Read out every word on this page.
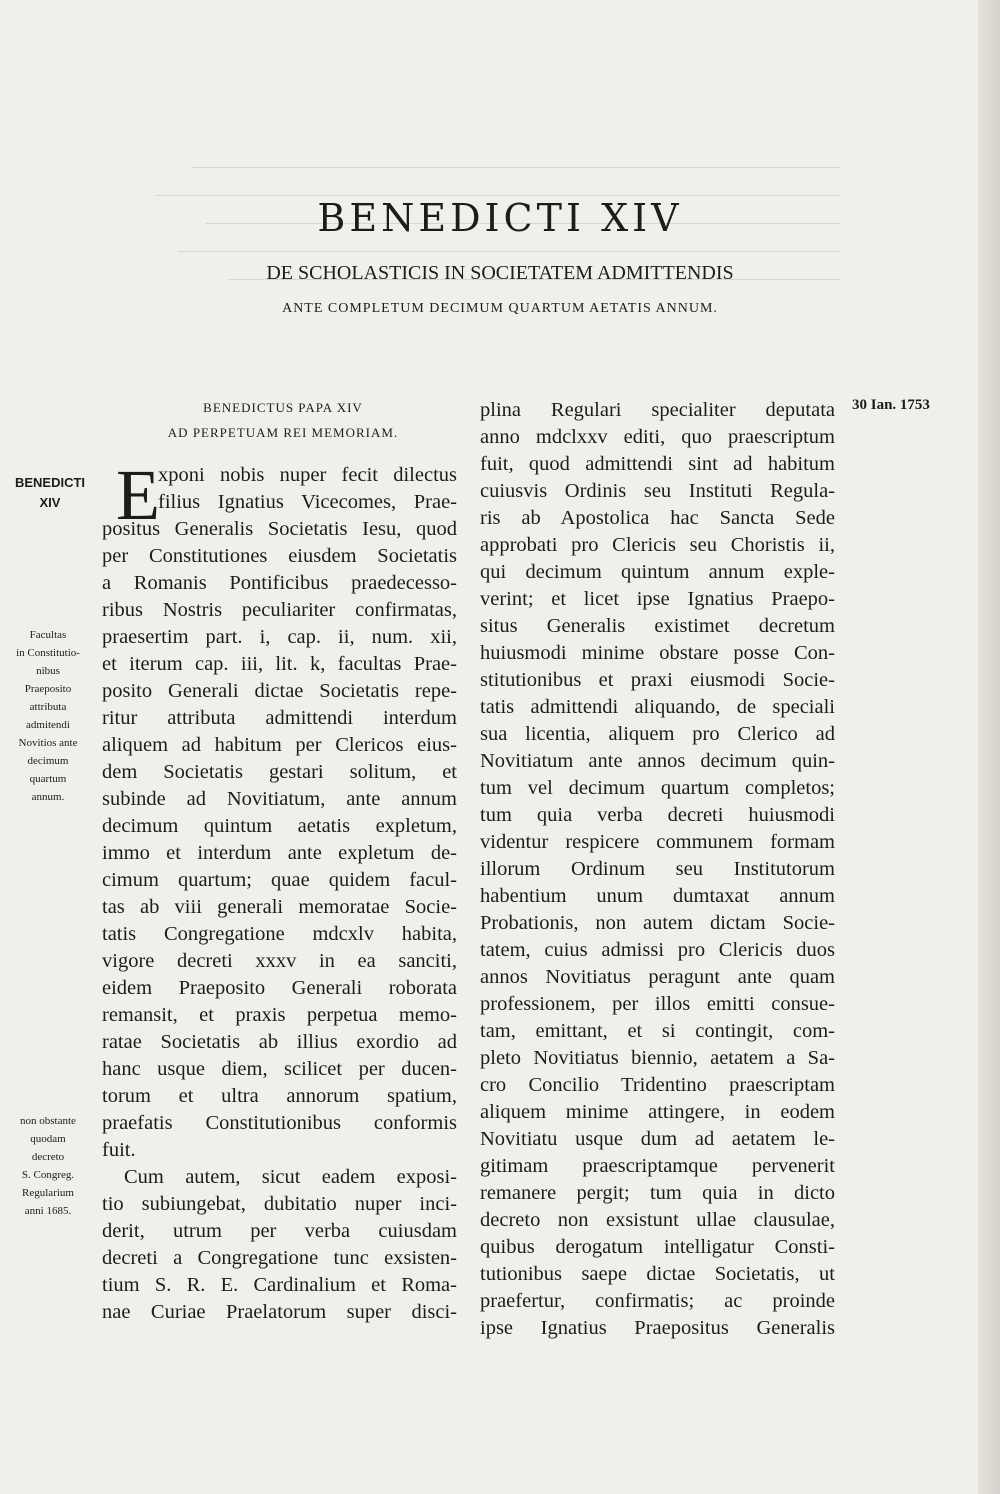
BENEDICTI XIV
DE SCHOLASTICIS IN SOCIETATEM ADMITTENDIS
ANTE COMPLETUM DECIMUM QUARTUM AETATIS ANNUM.
BENEDICTUS PAPA XIV
AD PERPETUAM REI MEMORIAM.
BENEDICTI
XIV
Facultas
in Constitutio-
nibus
Praeposito
attributa
admitendi
Novitios ante
decimum
quartum
annum.
non obstante
quodam
decreto
S. Congreg.
Regularium
anni 1685.
30 Ian. 1753
E
xponi nobis nuper fecit dilectus
filius Ignatius Vicecomes, Prae-
positus Generalis Societatis Iesu, quod
per Constitutiones eiusdem Societatis
a Romanis Pontificibus praedecesso-
ribus Nostris peculiariter confirmatas,
praesertim part. i, cap. ii, num. xii,
et iterum cap. iii, lit. k, facultas Prae-
posito Generali dictae Societatis repe-
ritur attributa admittendi interdum
aliquem ad habitum per Clericos eius-
dem Societatis gestari solitum, et
subinde ad Novitiatum, ante annum
decimum quintum aetatis expletum,
immo et interdum ante expletum de-
cimum quartum; quae quidem facul-
tas ab viii generali memoratae Socie-
tatis Congregatione mdcxlv habita,
vigore decreti xxxv in ea sanciti,
eidem Praeposito Generali roborata
remansit, et praxis perpetua memo-
ratae Societatis ab illius exordio ad
hanc usque diem, scilicet per ducen-
torum et ultra annorum spatium,
praefatis Constitutionibus conformis
fuit.
Cum autem, sicut eadem exposi-
tio subiungebat, dubitatio nuper inci-
derit, utrum per verba cuiusdam
decreti a Congregatione tunc exsisten-
tium S. R. E. Cardinalium et Roma-
nae Curiae Praelatorum super disci-
plina Regulari specialiter deputata
anno mdclxxv editi, quo praescriptum
fuit, quod admittendi sint ad habitum
cuiusvis Ordinis seu Instituti Regula-
ris ab Apostolica hac Sancta Sede
approbati pro Clericis seu Choristis ii,
qui decimum quintum annum exple-
verint; et licet ipse Ignatius Praepo-
situs Generalis existimet decretum
huiusmodi minime obstare posse Con-
stitutionibus et praxi eiusmodi Socie-
tatis admittendi aliquando, de speciali
sua licentia, aliquem pro Clerico ad
Novitiatum ante annos decimum quin-
tum vel decimum quartum completos;
tum quia verba decreti huiusmodi
videntur respicere communem formam
illorum Ordinum seu Institutorum
habentium unum dumtaxat annum
Probationis, non autem dictam Socie-
tatem, cuius admissi pro Clericis duos
annos Novitiatus peragunt ante quam
professionem, per illos emitti consue-
tam, emittant, et si contingit, com-
pleto Novitiatus biennio, aetatem a Sa-
cro Concilio Tridentino praescriptam
aliquem minime attingere, in eodem
Novitiatu usque dum ad aetatem le-
gitimam praescriptamque pervenerit
remanere pergit; tum quia in dicto
decreto non exsistunt ullae clausulae,
quibus derogatum intelligatur Consti-
tutionibus saepe dictae Societatis, ut
praefertur, confirmatis; ac proinde
ipse Ignatius Praepositus Generalis
